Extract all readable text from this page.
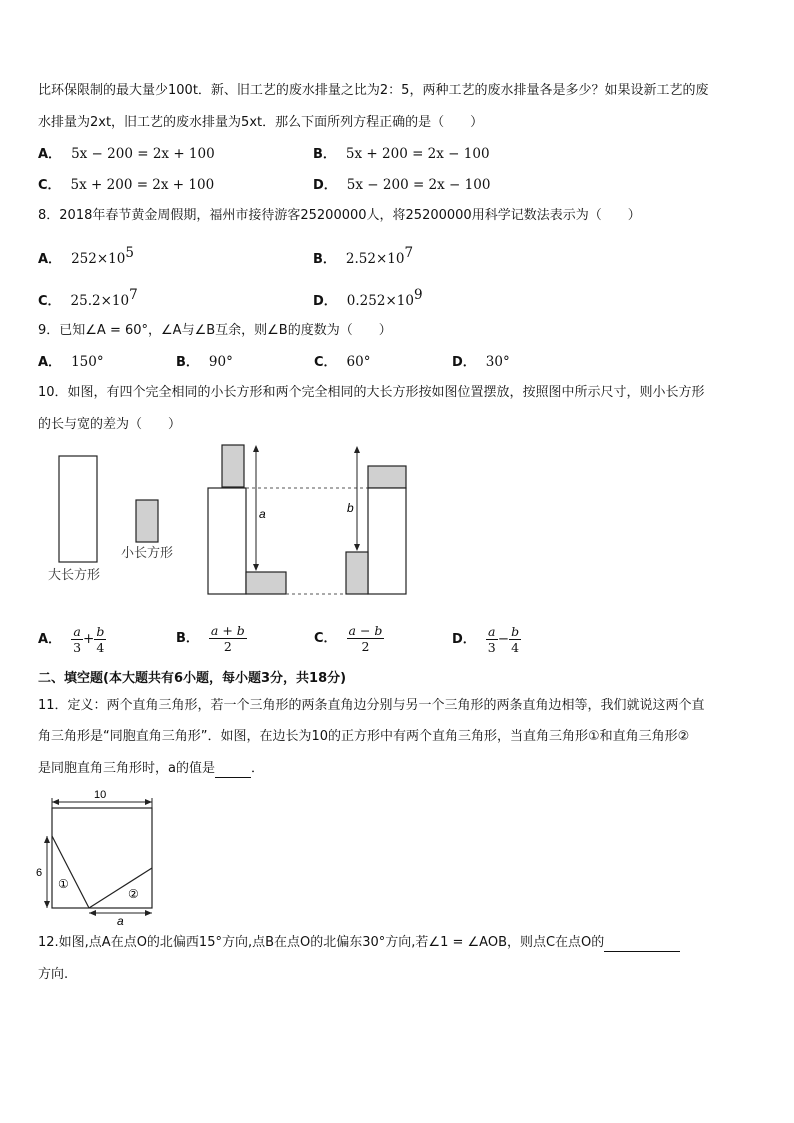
比环保限制的最大量少100t．新、旧工艺的废水排量之比为2：5，两种工艺的废水排量各是多少？如果设新工艺的废
水排量为2xt，旧工艺的废水排量为5xt．那么下面所列方程正确的是（　　）
A． 5x − 200 = 2x + 100	B． 5x + 200 = 2x − 100
C． 5x + 200 = 2x + 100	D． 5x − 200 = 2x − 100
8．2018年春节黄金周假期，福州市接待游客25200000人，将25200000用科学记数法表示为（　　）
A． $252\times 10^5$	B． $2.52\times 10^7$
C． $25.2\times 10^7$	D． $0.252\times 10^9$
9．已知∠A = 60°，∠A与∠B互余，则∠B的度数为（　　）
A． 150°	B． 90°	C． 60°	D． 30°
10．如图，有四个完全相同的小长方形和两个完全相同的大长方形按如图位置摆放，按照图中所示尺寸，则小长方形
的长与宽的差为（　　）
大长方形
小长方形
a	b
A． $\frac{a}{3} + \frac{b}{4}$	B． $\frac{a + b}{2}$	C． $\frac{a - b}{2}$	D． $\frac{a}{3} - \frac{b}{4}$
二、填空题(本大题共有6小题，每小题3分，共18分)
11．定义：两个直角三角形，若一个三角形的两条直角边分别与另一个三角形的两条直角边相等，我们就说这两个直
角三角形是“同胞直角三角形”．如图，在边长为10的正方形中有两个直角三角形，当直角三角形①和直角三角形②
是同胞直角三角形时，a的值是	．
10
①
②
6
a
12.如图,点A在点O的北偏西15°方向,点B在点O的北偏东30°方向,若∠1 = ∠AOB，则点C在点O的
方向.
